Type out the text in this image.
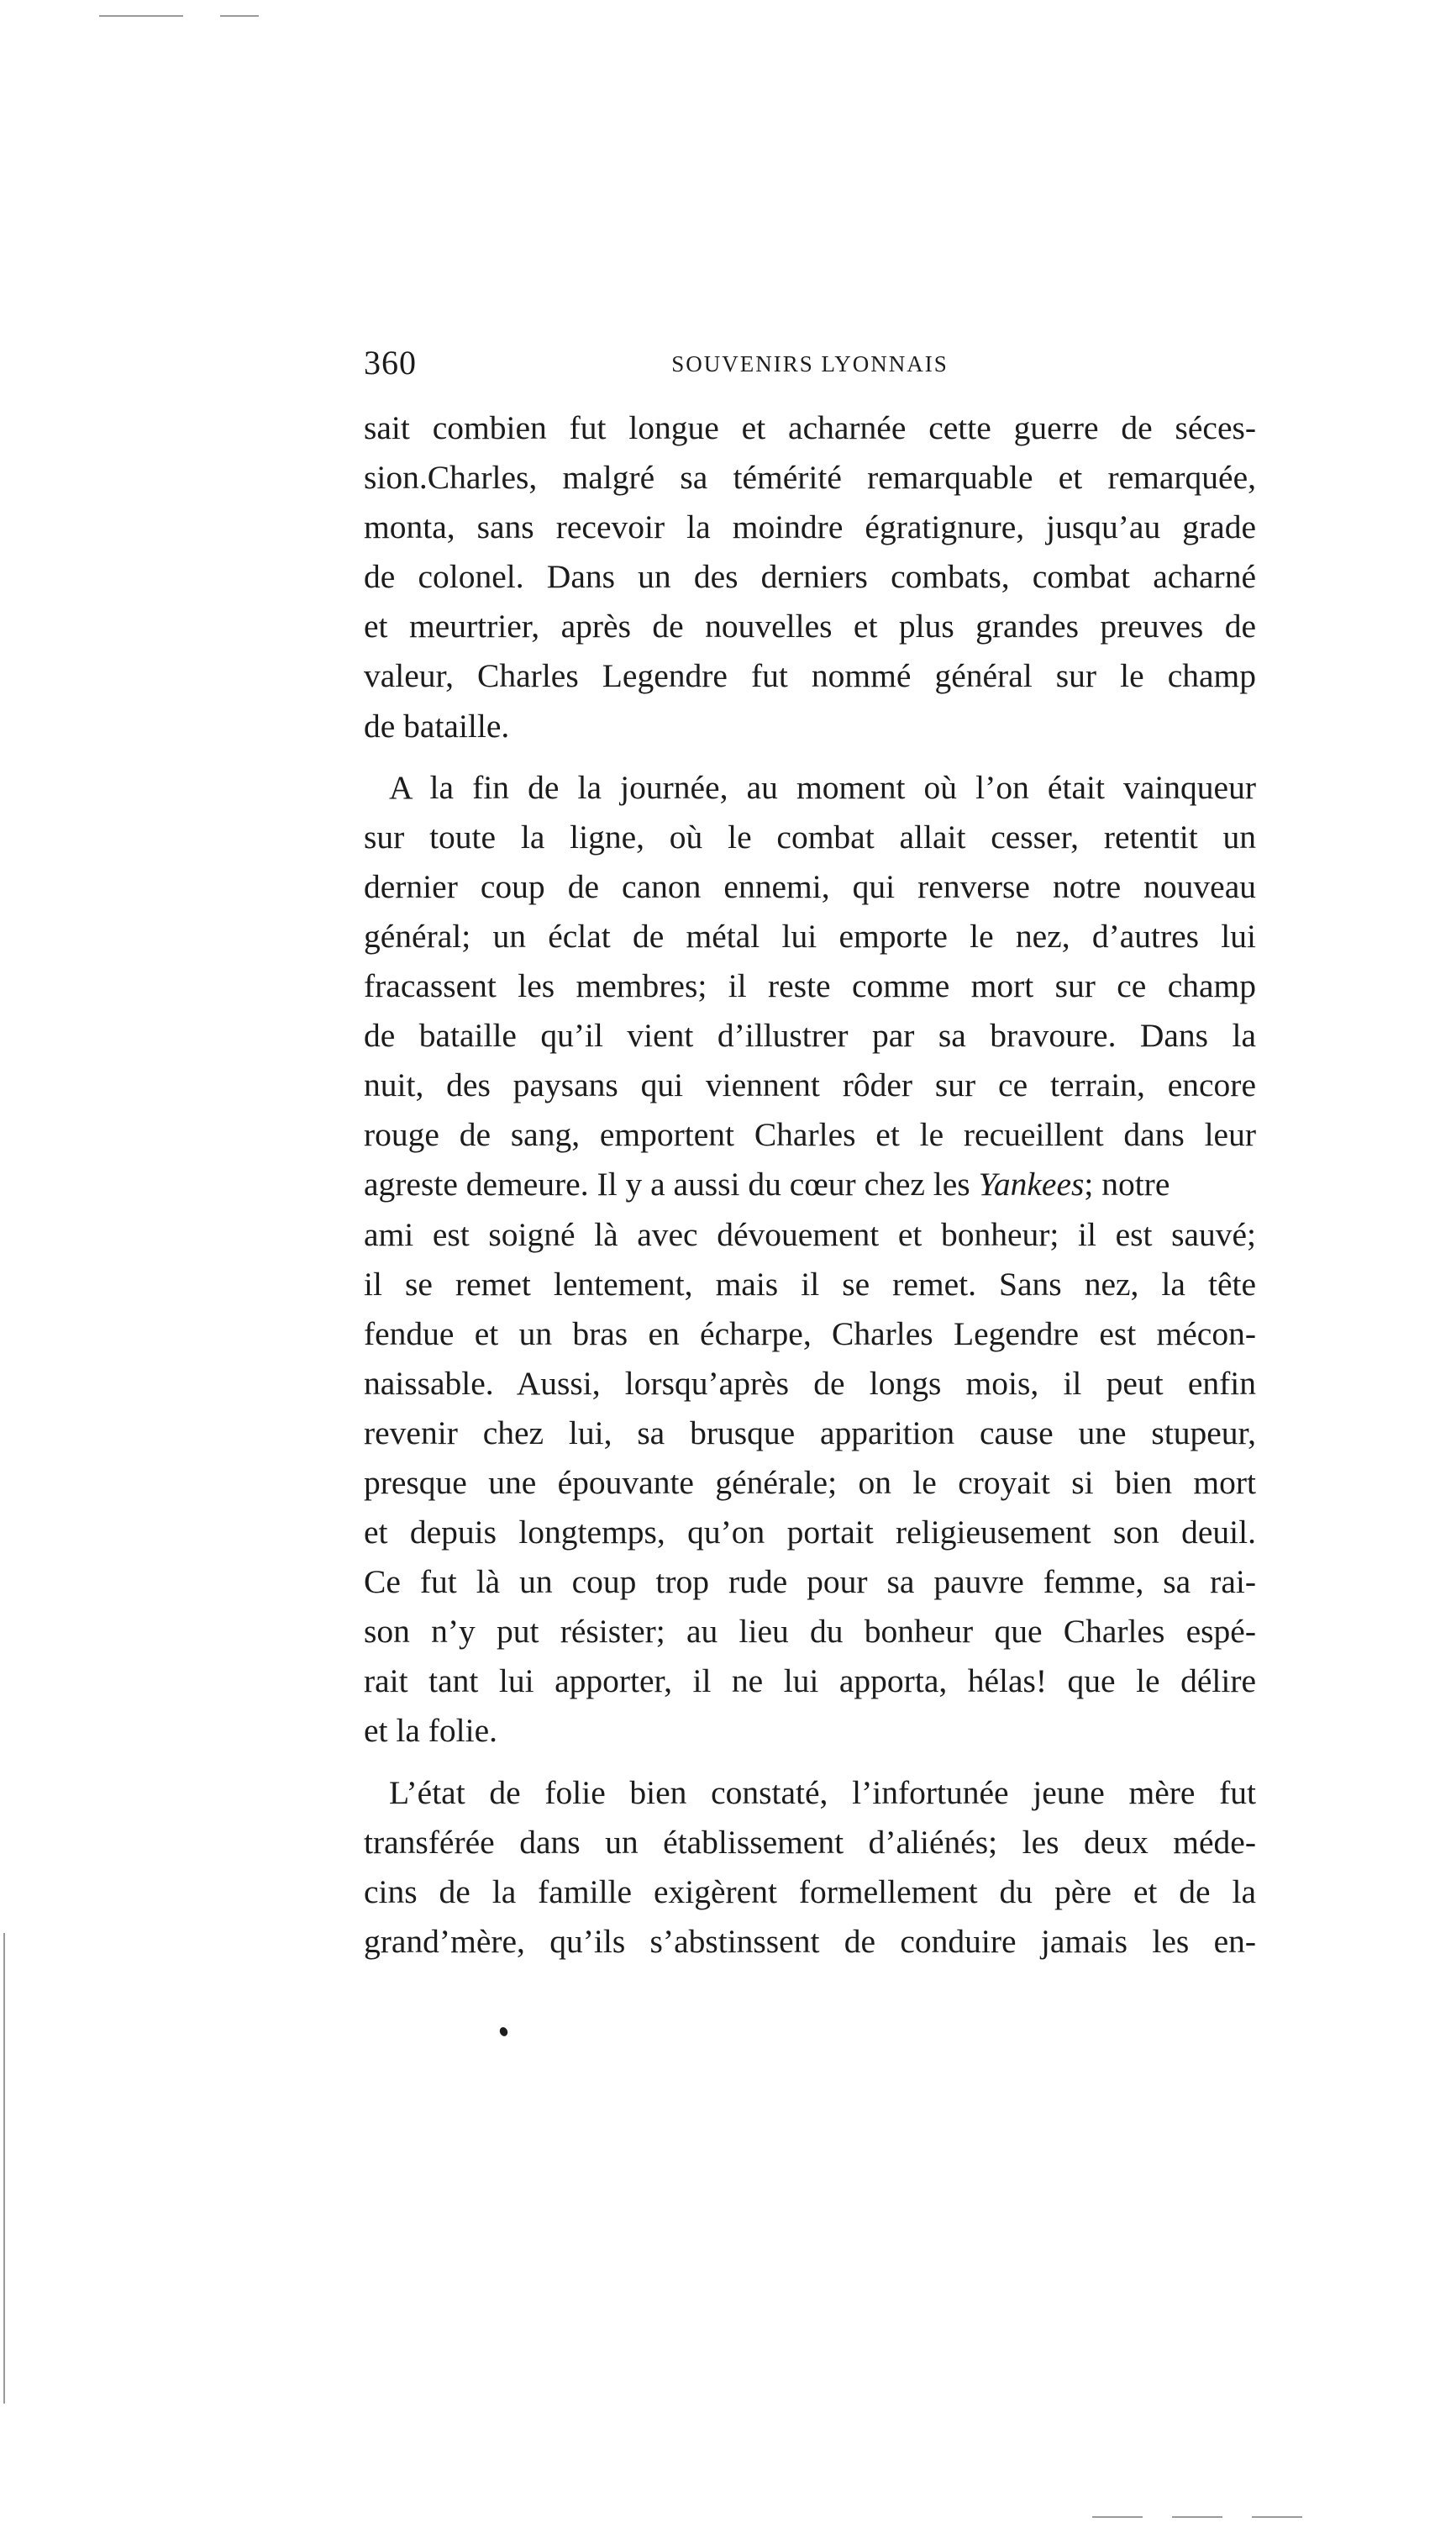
360	SOUVENIRS LYONNAIS

sait combien fut longue et acharnée cette guerre de séces-
sion.Charles, malgré sa témérité remarquable et remarquée,
monta, sans recevoir la moindre égratignure, jusqu’au grade
de colonel. Dans un des derniers combats, combat acharné
et meurtrier, après de nouvelles et plus grandes preuves de
valeur, Charles Legendre fut nommé général sur le champ
de bataille.

A la fin de la journée, au moment où l’on était vainqueur
sur toute la ligne, où le combat allait cesser, retentit un
dernier coup de canon ennemi, qui renverse notre nouveau
général; un éclat de métal lui emporte le nez, d’autres lui
fracassent les membres; il reste comme mort sur ce champ
de bataille qu’il vient d’illustrer par sa bravoure. Dans la
nuit, des paysans qui viennent rôder sur ce terrain, encore
rouge de sang, emportent Charles et le recueillent dans leur
agreste demeure. Il y a aussi du cœur chez les Yankees; notre
ami est soigné là avec dévouement et bonheur; il est sauvé;
il se remet lentement, mais il se remet. Sans nez, la tête
fendue et un bras en écharpe, Charles Legendre est mécon-
naissable. Aussi, lorsqu’après de longs mois, il peut enfin
revenir chez lui, sa brusque apparition cause une stupeur,
presque une épouvante générale; on le croyait si bien mort
et depuis longtemps, qu’on portait religieusement son deuil.
Ce fut là un coup trop rude pour sa pauvre femme, sa rai-
son n’y put résister; au lieu du bonheur que Charles espé-
rait tant lui apporter, il ne lui apporta, hélas! que le délire
et la folie.

L’état de folie bien constaté, l’infortunée jeune mère fut
transférée dans un établissement d’aliénés; les deux méde-
cins de la famille exigèrent formellement du père et de la
grand’mère, qu’ils s’abstinssent de conduire jamais les en-
